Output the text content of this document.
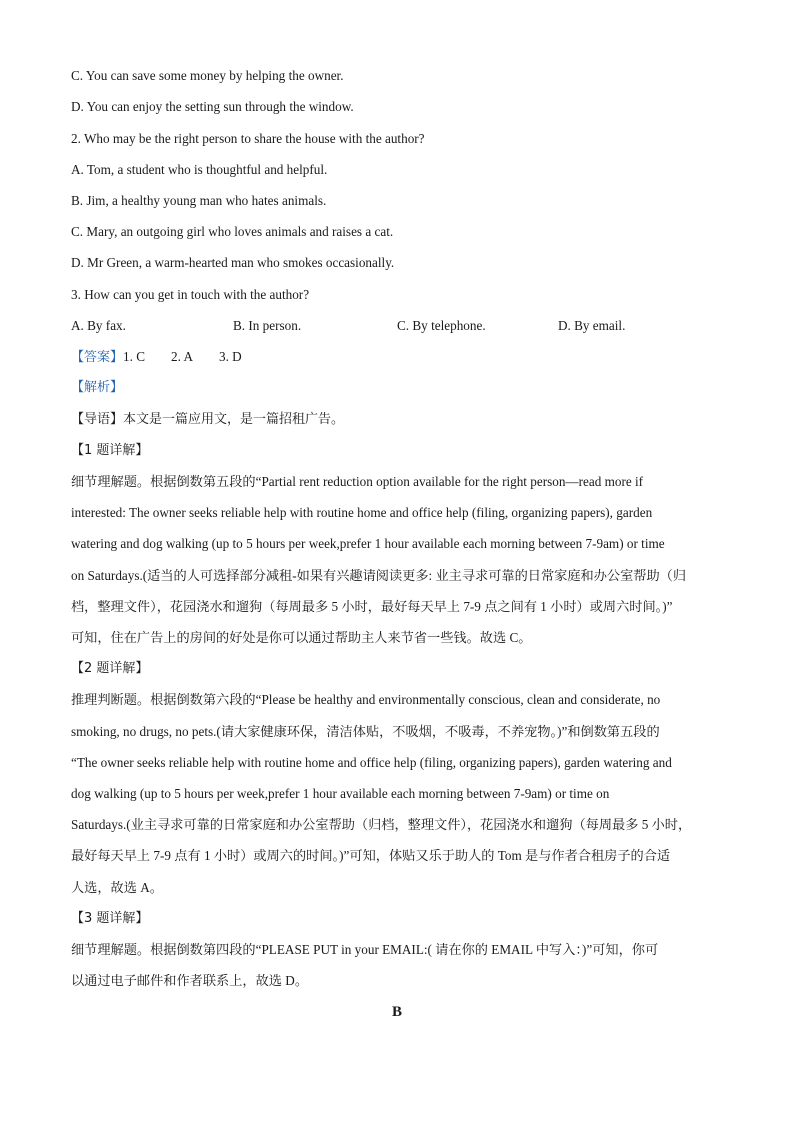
C. You can save some money by helping the owner.
D. You can enjoy the setting sun through the window.
2. Who may be the right person to share the house with the author?
A. Tom, a student who is thoughtful and helpful.
B. Jim, a healthy young man who hates animals.
C. Mary, an outgoing girl who loves animals and raises a cat.
D. Mr Green, a warm-hearted man who smokes occasionally.
3. How can you get in touch with the author?
A. By fax.	B. In person.	C. By telephone.	D. By email.
【答案】1. C 2. A 3. D
【解析】
【导语】本文是一篇应用文，是一篇招租广告。
【1 题详解】
细节理解题。根据倒数第五段的“Partial rent reduction option available for the right person—read more if
interested: The owner seeks reliable help with routine home and office help (filing, organizing papers), garden
watering and dog walking (up to 5 hours per week,prefer 1 hour available each morning between 7-9am) or time
on Saturdays.(适当的人可选择部分减租-如果有兴趣请阅读更多: 业主寻求可靠的日常家庭和办公室帮助（归
档，整理文件），花园浇水和遛狗（每周最多 5 小时，最好每天早上 7-9 点之间有 1 小时）或周六时间。)”
可知，住在广告上的房间的好处是你可以通过帮助主人来节省一些钱。故选 C。
【2 题详解】
推理判断题。根据倒数第六段的“Please be healthy and environmentally conscious, clean and considerate, no
smoking, no drugs, no pets.(请大家健康环保，清洁体贴，不吸烟，不吸毒，不养宠物。)”和倒数第五段的
“The owner seeks reliable help with routine home and office help (filing, organizing papers), garden watering and
dog walking (up to 5 hours per week,prefer 1 hour available each morning between 7-9am) or time on
Saturdays.(业主寻求可靠的日常家庭和办公室帮助（归档，整理文件），花园浇水和遛狗（每周最多 5 小时，
最好每天早上 7-9 点有 1 小时）或周六的时间。)”可知，体贴又乐于助人的 Tom 是与作者合租房子的合适
人选，故选 A。
【3 题详解】
细节理解题。根据倒数第四段的“PLEASE PUT in your EMAIL:( 请在你的 EMAIL 中写入：)”可知，你可
以通过电子邮件和作者联系上，故选 D。
B
